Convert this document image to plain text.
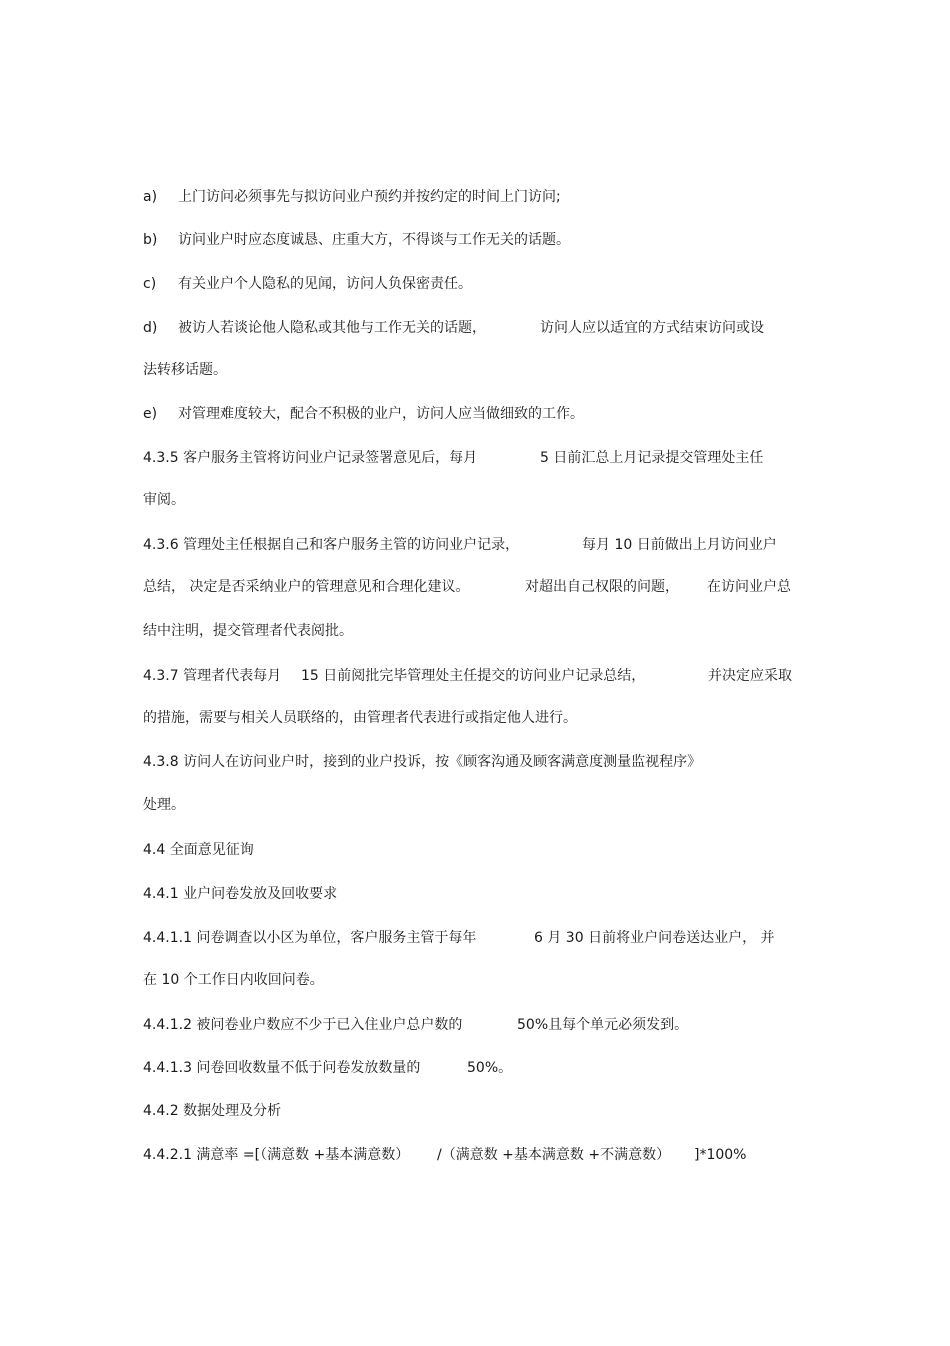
a) 上门访问必须事先与拟访问业户预约并按约定的时间上门访问;
b) 访问业户时应态度诚恳、庄重大方，不得谈与工作无关的话题。
c) 有关业户个人隐私的见闻，访问人负保密责任。
d) 被访人若谈论他人隐私或其他与工作无关的话题，	访问人应以适宜的方式结束访问或设
法转移话题。
e) 对管理难度较大，配合不积极的业户，访问人应当做细致的工作。
4.3.5 客户服务主管将访问业户记录签署意见后，每月	5 日前汇总上月记录提交管理处主任
审阅。
4.3.6 管理处主任根据自己和客户服务主管的访问业户记录，	每月 10 日前做出上月访问业户
总结， 决定是否采纳业户的管理意见和合理化建议。	对超出自己权限的问题， 在访问业户总
结中注明，提交管理者代表阅批。
4.3.7 管理者代表每月 15 日前阅批完毕管理处主任提交的访问业户记录总结，	并决定应采取
的措施，需要与相关人员联络的，由管理者代表进行或指定他人进行。
4.3.8 访问人在访问业户时，接到的业户投诉，按《顾客沟通及顾客满意度测量监视程序》
处理。
4.4 全面意见征询
4.4.1 业户问卷发放及回收要求
4.4.1.1 问卷调查以小区为单位，客户服务主管于每年	6 月 30 日前将业户问卷送达业户， 并
在 10 个工作日内收回问卷。
4.4.1.2 被问卷业户数应不少于已入住业户总户数的	50%且每个单元必须发到。
4.4.1.3 问卷回收数量不低于问卷发放数量的	50%。
4.4.2 数据处理及分析
4.4.2.1 满意率 =[（满意数 +基本满意数） /（满意数 +基本满意数 +不满意数） ]*100%
